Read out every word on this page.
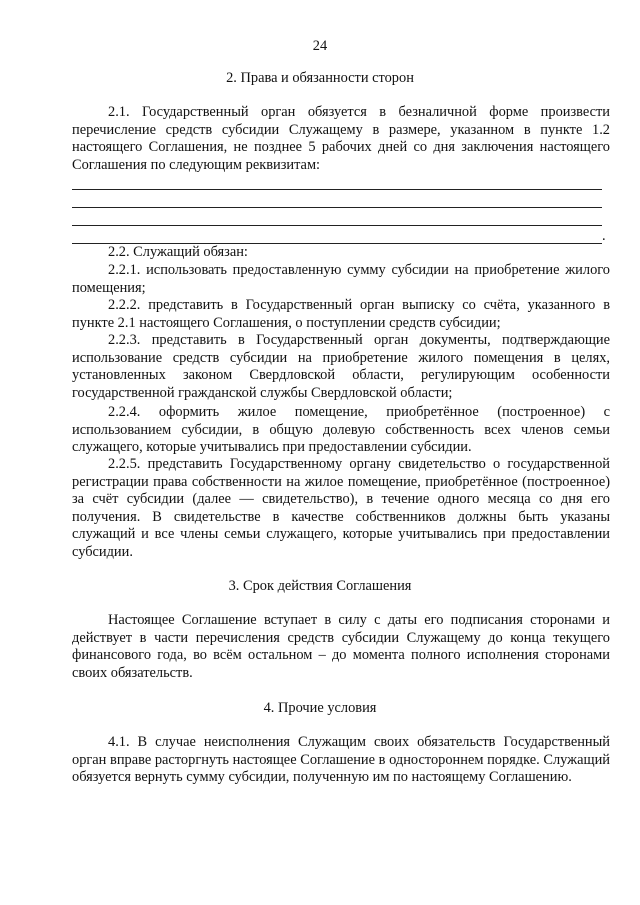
24
2. Права и обязанности сторон
2.1. Государственный орган обязуется в безналичной форме произвести перечисление средств субсидии Служащему в размере, указанном в пункте 1.2 настоящего Соглашения, не позднее 5 рабочих дней со дня заключения настоящего Соглашения по следующим реквизитам:
.
2.2. Служащий обязан:
2.2.1. использовать предоставленную сумму субсидии на приобретение жилого помещения;
2.2.2. представить в Государственный орган выписку со счёта, указанного в пункте 2.1 настоящего Соглашения, о поступлении средств субсидии;
2.2.3. представить в Государственный орган документы, подтверждающие использование средств субсидии на приобретение жилого помещения в целях, установленных законом Свердловской области, регулирующим особенности государственной гражданской службы Свердловской области;
2.2.4. оформить жилое помещение, приобретённое (построенное) с использованием субсидии, в общую долевую собственность всех членов семьи служащего, которые учитывались при предоставлении субсидии.
2.2.5. представить Государственному органу свидетельство о государственной регистрации права собственности на жилое помещение, приобретённое (построенное) за счёт субсидии (далее — свидетельство), в течение одного месяца со дня его получения. В свидетельстве в качестве собственников должны быть указаны служащий и все члены семьи служащего, которые учитывались при предоставлении субсидии.
3. Срок действия Соглашения
Настоящее Соглашение вступает в силу с даты его подписания сторонами и действует в части перечисления средств субсидии Служащему до конца текущего финансового года, во всём остальном – до момента полного исполнения сторонами своих обязательств.
4. Прочие условия
4.1. В случае неисполнения Служащим своих обязательств Государственный орган вправе расторгнуть настоящее Соглашение в одностороннем порядке. Служащий обязуется вернуть сумму субсидии, полученную им по настоящему Соглашению.
